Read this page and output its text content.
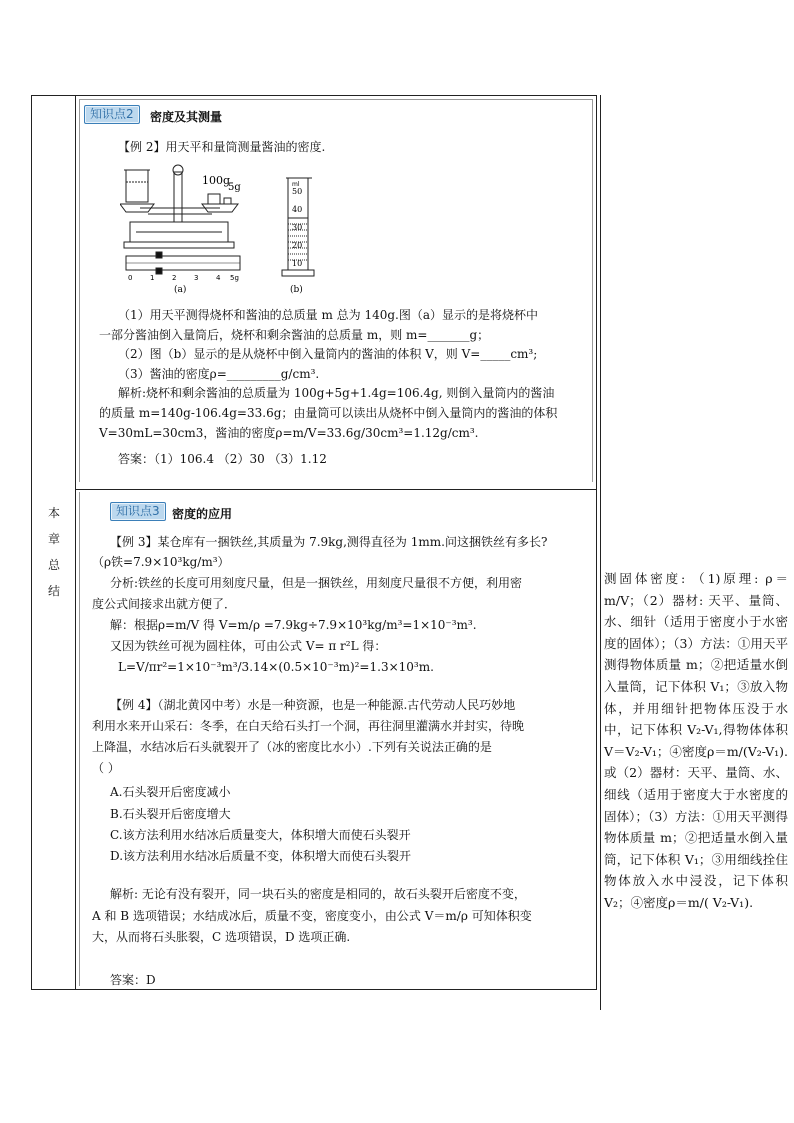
本
章
总
结
知识点2	密度及其测量
【例 2】用天平和量筒测量酱油的密度.
100g
5g	ml
50
40
30
20
10
0	1	2	3	4 5g
(a)	(b)
（1）用天平测得烧杯和酱油的总质量 m 总为 140g.图（a）显示的是将烧杯中
一部分酱油倒入量筒后，烧杯和剩余酱油的总质量 m，则 m=_______g；
（2）图（b）显示的是从烧杯中倒入量筒内的酱油的体积 V，则 V=_____cm³;
（3）酱油的密度ρ=_________g/cm³.
解析:烧杯和剩余酱油的总质量为 100g+5g+1.4g=106.4g, 则倒入量筒内的酱油
的质量 m=140g-106.4g=33.6g；由量筒可以读出从烧杯中倒入量筒内的酱油的体积
V=30mL=30cm3，酱油的密度ρ=m/V=33.6g/30cm³=1.12g/cm³.
答案：（1）106.4 （2）30 （3）1.12
知识点3	密度的应用
【例 3】某仓库有一捆铁丝,其质量为 7.9kg,测得直径为 1mm.问这捆铁丝有多长?
（ρ铁=7.9×10³kg/m³）
分析:铁丝的长度可用刻度尺量，但是一捆铁丝，用刻度尺量很不方便，利用密
度公式间接求出就方便了．
解：根据ρ=m/V 得 V=m/ρ =7.9kg÷7.9×10³kg/m³=1×10⁻³m³.
又因为铁丝可视为圆柱体，可由公式 V= π r²L 得：
L=V/πr²=1×10⁻³m³/3.14×(0.5×10⁻³m)²=1.3×10³m.
【例 4】（湖北黄冈中考）水是一种资源，也是一种能源.古代劳动人民巧妙地
利用水来开山采石：冬季，在白天给石头打一个洞，再往洞里灌满水并封实，待晚
上降温，水结冰后石头就裂开了（冰的密度比水小）.下列有关说法正确的是
（ ）
A.石头裂开后密度减小
B.石头裂开后密度增大
C.该方法利用水结冰后质量变大，体积增大而使石头裂开
D.该方法利用水结冰后质量不变，体积增大而使石头裂开
解析: 无论有没有裂开，同一块石头的密度是相同的，故石头裂开后密度不变，
A 和 B 选项错误；水结成冰后，质量不变，密度变小，由公式 V＝m/ρ 可知体积变
大，从而将石头胀裂，C 选项错误，D 选项正确.
答案：D
测固体密度: （1)原理: ρ＝m/V；（2）器材: 天平、量筒、水、细针（适用于密度小于水密度的固体）；（3）方法：①用天平测得物体质量 m；②把适量水倒入量筒，记下体积 V₁；③放入物体，并用细针把物体压没于水中，记下体积 V₂-V₁,得物体体积 V＝V₂-V₁；④密度ρ＝m/(V₂-V₁).或（2）器材：天平、量筒、水、细线（适用于密度大于水密度的固体）；（3）方法：①用天平测得物体质量 m；②把适量水倒入量筒，记下体积 V₁；③用细线拴住物体放入水中浸没，记下体积 V₂；④密度ρ＝m/( V₂-V₁).
